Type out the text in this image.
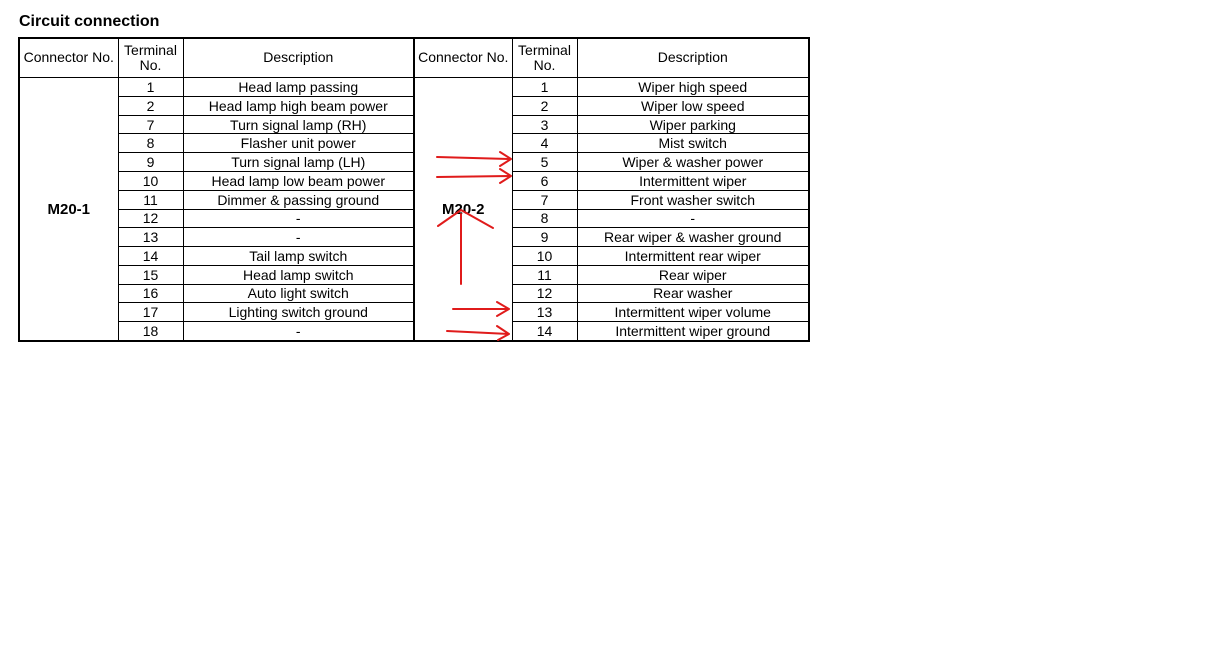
Circuit connection
Connector No.	Terminal No.	Description	Connector No.	Terminal No.	Description
M20-1	1	Head lamp passing	M20-2	1	Wiper high speed
	2	Head lamp high beam power		2	Wiper low speed
	7	Turn signal lamp (RH)		3	Wiper parking
	8	Flasher unit power		4	Mist switch
	9	Turn signal lamp (LH)		5	Wiper & washer power
	10	Head lamp low beam power		6	Intermittent wiper
	11	Dimmer & passing ground		7	Front washer switch
	12	-		8	-
	13	-		9	Rear wiper & washer ground
	14	Tail lamp switch		10	Intermittent rear wiper
	15	Head lamp switch		11	Rear wiper
	16	Auto light switch		12	Rear washer
	17	Lighting switch ground		13	Intermittent wiper volume
	18	-		14	Intermittent wiper ground
